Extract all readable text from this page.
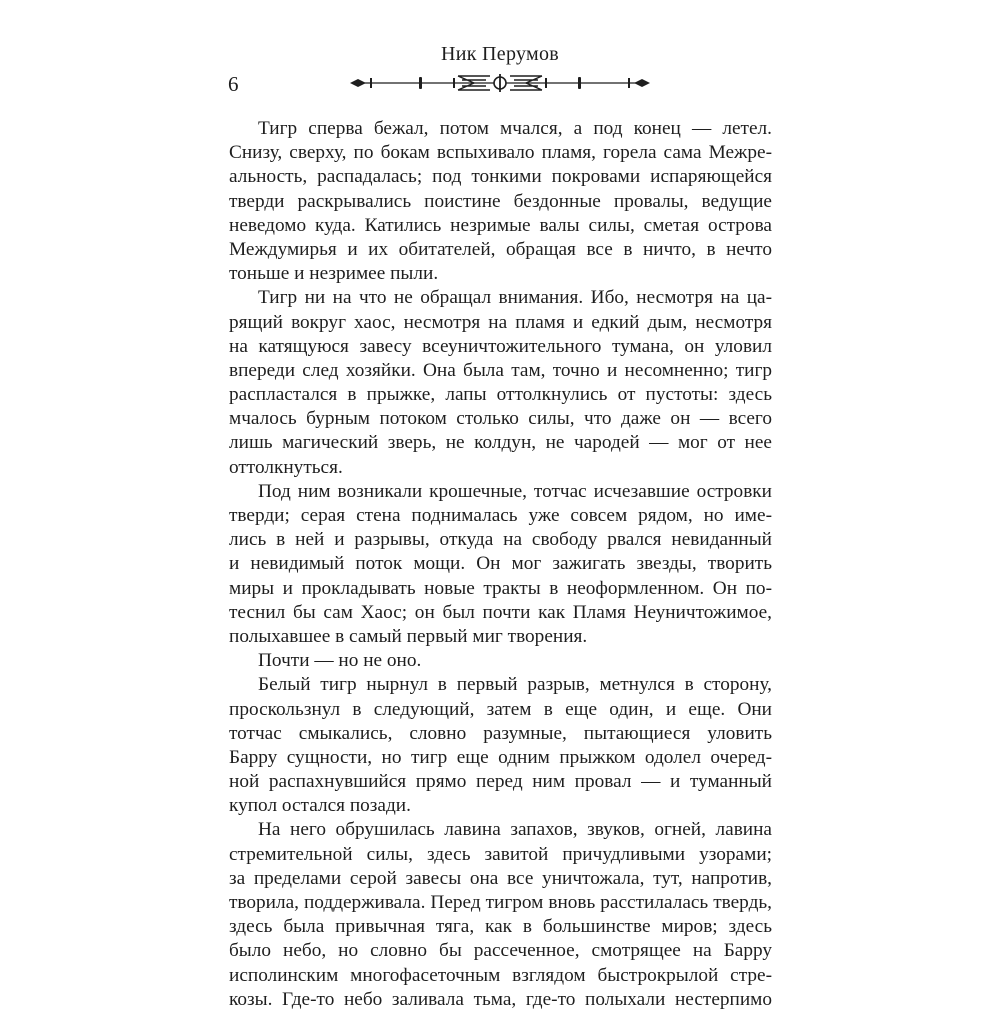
Ник Перумов
6
Тигр сперва бежал, потом мчался, а под конец — летел.
Снизу, сверху, по бокам вспыхивало пламя, горела сама Межре-
альность, распадалась; под тонкими покровами испаряющейся
тверди раскрывались поистине бездонные провалы, ведущие
неведомо куда. Катились незримые валы силы, сметая острова
Междумирья и их обитателей, обращая все в ничто, в нечто
тоньше и незримее пыли.
Тигр ни на что не обращал внимания. Ибо, несмотря на ца-
рящий вокруг хаос, несмотря на пламя и едкий дым, несмотря
на катящуюся завесу всеуничтожительного тумана, он уловил
впереди след хозяйки. Она была там, точно и несомненно; тигр
распластался в прыжке, лапы оттолкнулись от пустоты: здесь
мчалось бурным потоком столько силы, что даже он — всего
лишь магический зверь, не колдун, не чародей — мог от нее
оттолкнуться.
Под ним возникали крошечные, тотчас исчезавшие островки
тверди; серая стена поднималась уже совсем рядом, но име-
лись в ней и разрывы, откуда на свободу рвался невиданный
и невидимый поток мощи. Он мог зажигать звезды, творить
миры и прокладывать новые тракты в неоформленном. Он по-
теснил бы сам Хаос; он был почти как Пламя Неуничтожимое,
полыхавшее в самый первый миг творения.
Почти — но не оно.
Белый тигр нырнул в первый разрыв, метнулся в сторону,
проскользнул в следующий, затем в еще один, и еще. Они
тотчас смыкались, словно разумные, пытающиеся уловить
Барру сущности, но тигр еще одним прыжком одолел очеред-
ной распахнувшийся прямо перед ним провал — и туманный
купол остался позади.
На него обрушилась лавина запахов, звуков, огней, лавина
стремительной силы, здесь завитой причудливыми узорами;
за пределами серой завесы она все уничтожала, тут, напротив,
творила, поддерживала. Перед тигром вновь расстилалась твердь,
здесь была привычная тяга, как в большинстве миров; здесь
было небо, но словно бы рассеченное, смотрящее на Барру
исполинским многофасеточным взглядом быстрокрылой стре-
козы. Где-то небо заливала тьма, где-то полыхали нестерпимо
